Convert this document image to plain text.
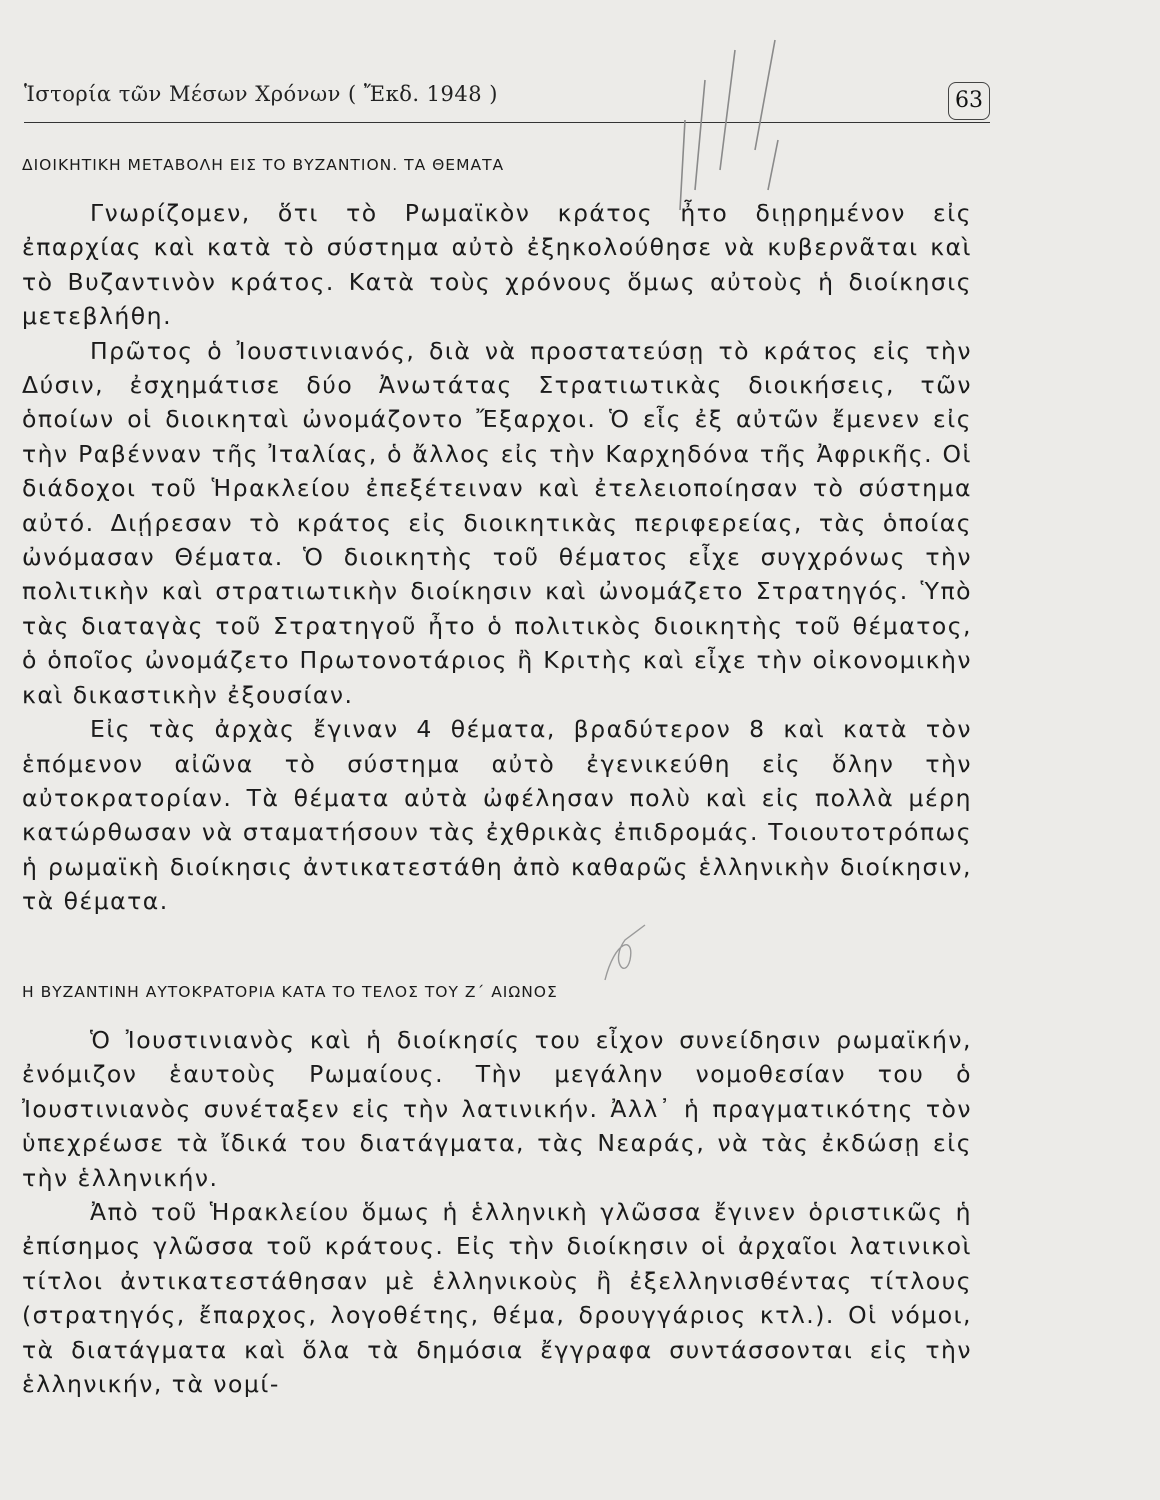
Ἱστορία τῶν Μέσων Χρόνων ( Ἔκδ. 1948 )	63
ΔΙΟΙΚΗΤΙΚΗ ΜΕΤΑΒΟΛΗ ΕΙΣ ΤΟ ΒΥΖΑΝΤΙΟΝ. ΤΑ ΘΕΜΑΤΑ

Γνωρίζομεν, ὅτι τὸ Ρωμαϊκὸν κράτος ἦτο διῃρημένον εἰς ἐπαρχίας καὶ κατὰ τὸ σύστημα αὐτὸ ἐξηκολούθησε νὰ κυβερνᾶται καὶ τὸ Βυζαντινὸν κράτος. Κατὰ τοὺς χρόνους ὅμως αὐτοὺς ἡ διοίκησις μετεβλήθη.

Πρῶτος ὁ Ἰουστινιανός, διὰ νὰ προστατεύσῃ τὸ κράτος εἰς τὴν Δύσιν, ἐσχημάτισε δύο Ἀνωτάτας Στρατιωτικὰς διοικήσεις, τῶν ὁποίων οἱ διοικηταὶ ὠνομάζοντο Ἔξαρχοι. Ὁ εἷς ἐξ αὐτῶν ἔμενεν εἰς τὴν Ραβένναν τῆς Ἰταλίας, ὁ ἄλλος εἰς τὴν Καρχηδόνα τῆς Ἀφρικῆς. Οἱ διάδοχοι τοῦ Ἡρακλείου ἐπεξέτειναν καὶ ἐτελειοποίησαν τὸ σύστημα αὐτό. Διῄρεσαν τὸ κράτος εἰς διοικητικὰς περιφερείας, τὰς ὁποίας ὠνόμασαν Θέματα. Ὁ διοικητὴς τοῦ θέματος εἶχε συγχρόνως τὴν πολιτικὴν καὶ στρατιωτικὴν διοίκησιν καὶ ὠνομάζετο Στρατηγός. Ὑπὸ τὰς διαταγὰς τοῦ Στρατηγοῦ ἦτο ὁ πολιτικὸς διοικητὴς τοῦ θέματος, ὁ ὁποῖος ὠνομάζετο Πρωτονοτάριος ἢ Κριτὴς καὶ εἶχε τὴν οἰκονομικὴν καὶ δικαστικὴν ἐξουσίαν.

Εἰς τὰς ἀρχὰς ἔγιναν 4 θέματα, βραδύτερον 8 καὶ κατὰ τὸν ἑπόμενον αἰῶνα τὸ σύστημα αὐτὸ ἐγενικεύθη εἰς ὅλην τὴν αὐτοκρατορίαν. Τὰ θέματα αὐτὰ ὠφέλησαν πολὺ καὶ εἰς πολλὰ μέρη κατώρθωσαν νὰ σταματήσουν τὰς ἐχθρικὰς ἐπιδρομάς. Τοιουτοτρόπως ἡ ρωμαϊκὴ διοίκησις ἀντικατεστάθη ἀπὸ καθαρῶς ἑλληνικὴν διοίκησιν, τὰ θέματα.

Η ΒΥΖΑΝΤΙΝΗ ΑΥΤΟΚΡΑΤΟΡΙΑ ΚΑΤΑ ΤΟ ΤΕΛΟΣ ΤΟΥ Ζ΄ ΑΙΩΝΟΣ

Ὁ Ἰουστινιανὸς καὶ ἡ διοίκησίς του εἶχον συνείδησιν ρωμαϊκήν, ἐνόμιζον ἑαυτοὺς Ρωμαίους. Τὴν μεγάλην νομοθεσίαν του ὁ Ἰουστινιανὸς συνέταξεν εἰς τὴν λατινικήν. Ἀλλ᾽ ἡ πραγματικότης τὸν ὑπεχρέωσε τὰ ἴδικά του διατάγματα, τὰς Νεαράς, νὰ τὰς ἐκδώσῃ εἰς τὴν ἑλληνικήν.

Ἀπὸ τοῦ Ἡρακλείου ὅμως ἡ ἑλληνικὴ γλῶσσα ἔγινεν ὁριστικῶς ἡ ἐπίσημος γλῶσσα τοῦ κράτους. Εἰς τὴν διοίκησιν οἱ ἀρχαῖοι λατινικοὶ τίτλοι ἀντικατεστάθησαν μὲ ἑλληνικοὺς ἢ ἐξελληνισθέντας τίτλους (στρατηγός, ἔπαρχος, λογοθέτης, θέμα, δρουγγάριος κτλ.). Οἱ νόμοι, τὰ διατάγματα καὶ ὅλα τὰ δημόσια ἔγγραφα συντάσσονται εἰς τὴν ἑλληνικήν, τὰ νομί-
